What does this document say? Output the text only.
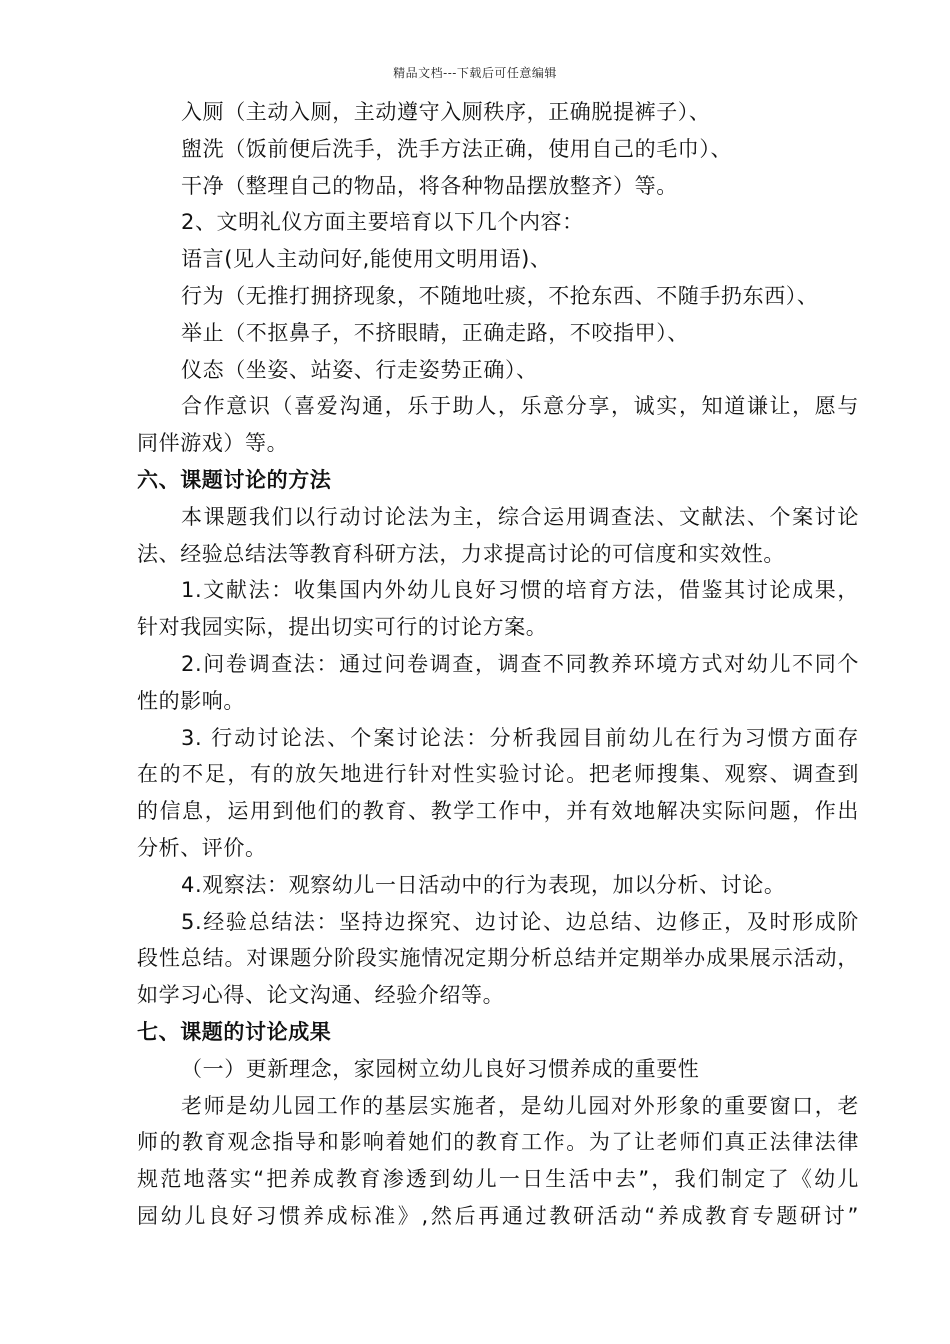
精品文档---下载后可任意编辑
入厕（主动入厕，主动遵守入厕秩序，正确脱提裤子）、
盥洗（饭前便后洗手，洗手方法正确，使用自己的毛巾）、
干净（整理自己的物品，将各种物品摆放整齐）等。
2、文明礼仪方面主要培育以下几个内容：
语言(见人主动问好,能使用文明用语)、
行为（无推打拥挤现象，不随地吐痰，不抢东西、不随手扔东西）、
举止（不抠鼻子，不挤眼睛，正确走路，不咬指甲）、
仪态（坐姿、站姿、行走姿势正确）、
合作意识（喜爱沟通，乐于助人，乐意分享，诚实，知道谦让，愿与
同伴游戏）等。
六、课题讨论的方法
本课题我们以行动讨论法为主，综合运用调查法、文献法、个案讨论
法、经验总结法等教育科研方法，力求提高讨论的可信度和实效性。
1.文献法：收集国内外幼儿良好习惯的培育方法，借鉴其讨论成果，
针对我园实际，提出切实可行的讨论方案。
2.问卷调查法：通过问卷调查，调查不同教养环境方式对幼儿不同个
性的影响。
3. 行动讨论法、个案讨论法：分析我园目前幼儿在行为习惯方面存
在的不足，有的放矢地进行针对性实验讨论。把老师搜集、观察、调查到
的信息，运用到他们的教育、教学工作中，并有效地解决实际问题，作出
分析、评价。
4.观察法：观察幼儿一日活动中的行为表现，加以分析、讨论。
5.经验总结法：坚持边探究、边讨论、边总结、边修正，及时形成阶
段性总结。对课题分阶段实施情况定期分析总结并定期举办成果展示活动，
如学习心得、论文沟通、经验介绍等。
七、课题的讨论成果
（一）更新理念，家园树立幼儿良好习惯养成的重要性
老师是幼儿园工作的基层实施者，是幼儿园对外形象的重要窗口，老
师的教育观念指导和影响着她们的教育工作。为了让老师们真正法律法律
规范地落实“把养成教育渗透到幼儿一日生活中去”，我们制定了《幼儿
园幼儿良好习惯养成标准》,然后再通过教研活动“养成教育专题研讨”
